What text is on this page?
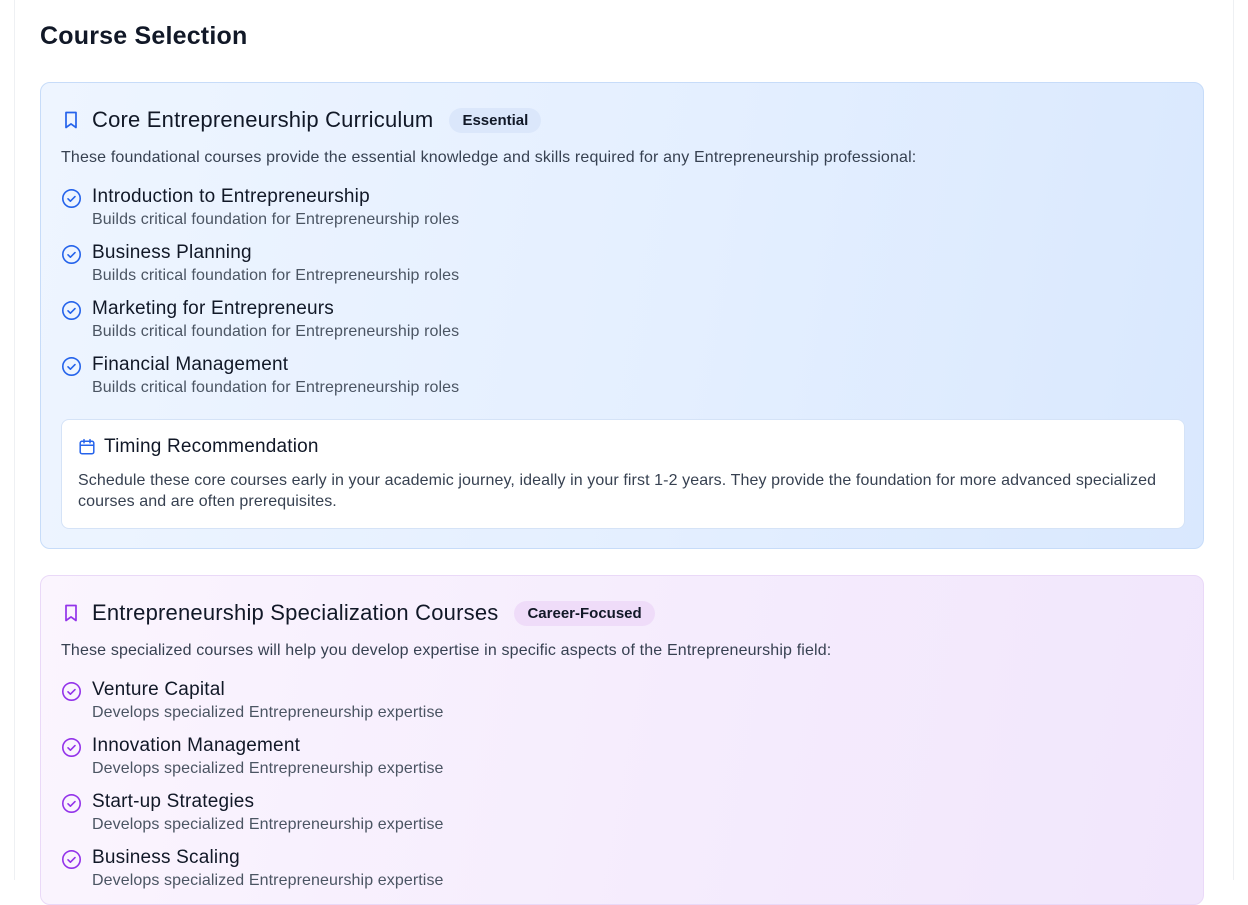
Course Selection
Core Entrepreneurship Curriculum	Essential
These foundational courses provide the essential knowledge and skills required for any Entrepreneurship professional:
Introduction to Entrepreneurship
Builds critical foundation for Entrepreneurship roles
Business Planning
Builds critical foundation for Entrepreneurship roles
Marketing for Entrepreneurs
Builds critical foundation for Entrepreneurship roles
Financial Management
Builds critical foundation for Entrepreneurship roles
Timing Recommendation
Schedule these core courses early in your academic journey, ideally in your first 1-2 years. They provide the foundation for more advanced specialized courses and are often prerequisites.
Entrepreneurship Specialization Courses	Career-Focused
These specialized courses will help you develop expertise in specific aspects of the Entrepreneurship field:
Venture Capital
Develops specialized Entrepreneurship expertise
Innovation Management
Develops specialized Entrepreneurship expertise
Start-up Strategies
Develops specialized Entrepreneurship expertise
Business Scaling
Develops specialized Entrepreneurship expertise
